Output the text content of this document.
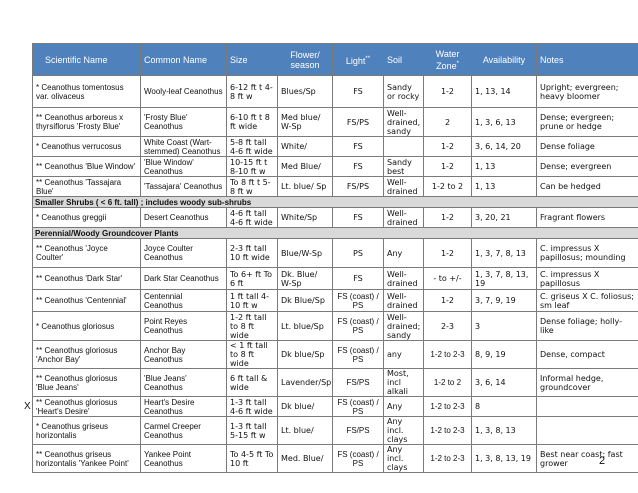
X
Scientific Name	Common Name	Size	Flower/ season	Light**	Soil	Water Zone*	Availability	Notes
* Ceanothus tomentosus var. olivaceus	Wooly-leaf Ceanothus	6-12 ft t 4-8 ft w	Blues/Sp	FS	Sandy or rocky	1-2	1, 13, 14	Upright; evergreen; heavy bloomer
** Ceanothus arboreus x thyrsiflorus 'Frosty Blue'	'Frosty Blue' Ceanothus	6-10 ft t 8 ft wide	Med blue/ W-Sp	FS/PS	Well-drained, sandy	2	1, 3, 6, 13	Dense; evergreen; prune or hedge
* Ceanothus verrucosus	White Coast (Wart-stemmed) Ceanothus	5-8 ft tall 4-6 ft wide	White/	FS		1-2	3, 6, 14, 20	Dense foliage
** Ceanothus 'Blue Window'	'Blue Window' Ceanothus	10-15 ft t 8-10 ft w	Med Blue/	FS	Sandy best	1-2	1, 13	Dense; evergreen
** Ceanothus 'Tassajara Blue'	'Tassajara' Ceanothus	To 8 ft t 5-8 ft w	Lt. blue/ Sp	FS/PS	Well-drained	1-2 to 2	1, 13	Can be hedged
Smaller Shrubs ( < 6 ft. tall) ; includes woody sub-shrubs								
* Ceanothus greggii	Desert Ceanothus	4-6 ft tall 4-6 ft wide	White/Sp	FS	Well-drained	1-2	3, 20, 21	Fragrant flowers
Perennial/Woody Groundcover Plants								
** Ceanothus 'Joyce Coulter'	Joyce Coulter Ceanothus	2-3 ft tall 10 ft wide	Blue/W-Sp	PS	Any	1-2	1, 3, 7, 8, 13	C. impressus X papillosus; mounding
** Ceanothus 'Dark Star'	Dark Star Ceanothus	To 6+ ft To 6 ft	Dk. Blue/ W-Sp	FS	Well-drained	- to +/-	1, 3, 7, 8, 13, 19	C. impressus X papillosus
** Ceanothus 'Centennial'	Centennial Ceanothus	1 ft tall 4-10 ft w	Dk Blue/Sp	FS (coast) / PS	Well-drained	1-2	3, 7, 9, 19	C. griseus X C. foliosus; sm leaf
* Ceanothus gloriosus	Point Reyes Ceanothus	1-2 ft tall to 8 ft wide	Lt. blue/Sp	FS (coast) / PS	Well-drained; sandy	2-3	3	Dense foliage; holly-like
** Ceanothus gloriosus 'Anchor Bay'	Anchor Bay Ceanothus	< 1 ft tall to 8 ft wide	Dk blue/Sp	FS (coast) / PS	any	1-2 to 2-3	8, 9, 19	Dense, compact
** Ceanothus gloriosus 'Blue Jeans'	'Blue Jeans' Ceanothus	6 ft tall & wide	Lavender/Sp	FS/PS	Most, incl alkali	1-2 to 2	3, 6, 14	Informal hedge, groundcover
** Ceanothus gloriosus 'Heart's Desire'	Heart's Desire Ceanothus	1-3 ft tall 4-6 ft wide	Dk blue/	FS (coast) / PS	Any	1-2 to 2-3	8	
* Ceanothus griseus horizontalis	Carmel Creeper Ceanothus	1-3 ft tall 5-15 ft w	Lt. blue/	FS/PS	Any incl. clays	1-2 to 2-3	1, 3, 8, 13	
** Ceanothus griseus horizontalis 'Yankee Point'	Yankee Point Ceanothus	To 4-5 ft To 10 ft	Med. Blue/	FS (coast) / PS	Any incl. clays	1-2 to 2-3	1, 3, 8, 13, 19	Best near coast; fast grower	2
